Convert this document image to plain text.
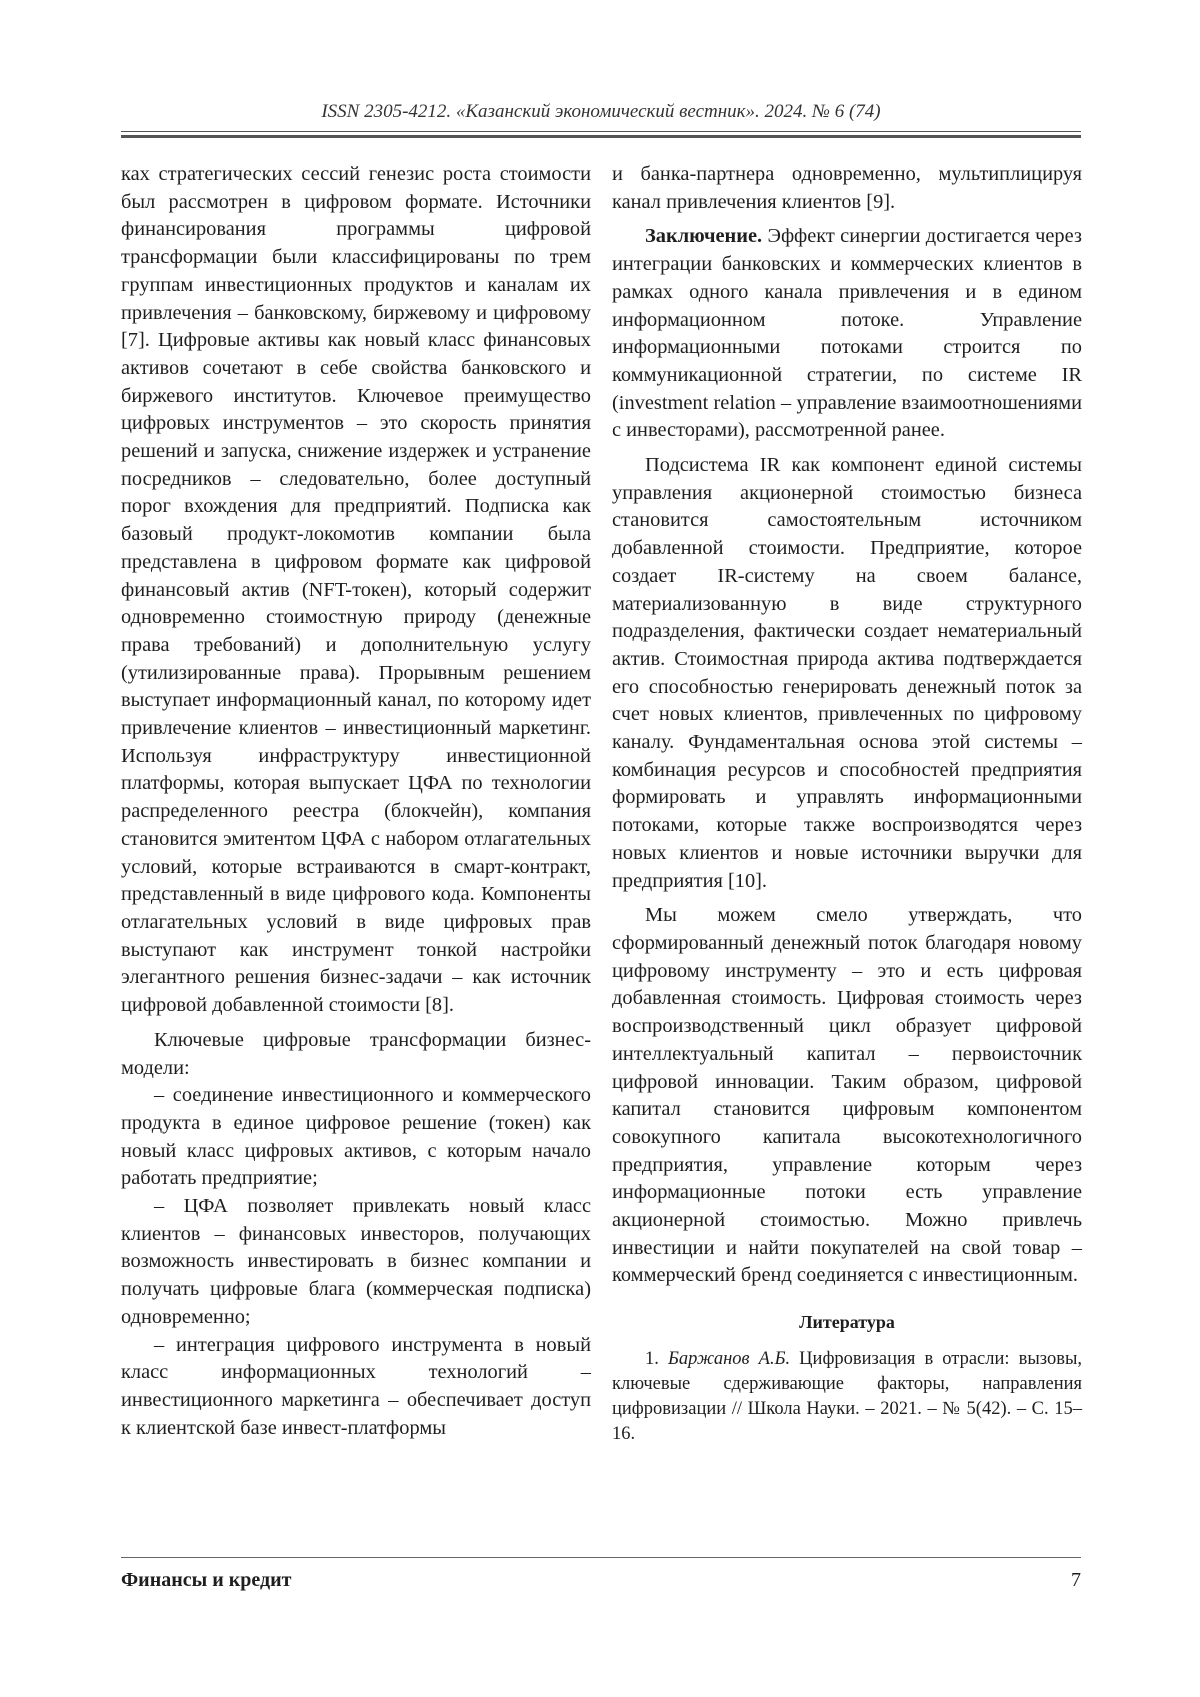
ISSN 2305-4212. «Казанский экономический вестник». 2024. № 6 (74)

ках стратегических сессий генезис роста стоимости был рассмотрен в цифровом формате. Источники финансирования программы цифровой трансформации были классифицированы по трем группам инвестиционных продуктов и каналам их привлечения – банковскому, биржевому и цифровому [7]. Цифровые активы как новый класс финансовых активов сочетают в себе свойства банковского и биржевого институтов. Ключевое преимущество цифровых инструментов – это скорость принятия решений и запуска, снижение издержек и устранение посредников – следовательно, более доступный порог вхождения для предприятий. Подписка как базовый продукт-локомотив компании была представлена в цифровом формате как цифровой финансовый актив (NFT-токен), который содержит одновременно стоимостную природу (денежные права требований) и дополнительную услугу (утилизированные права). Прорывным решением выступает информационный канал, по которому идет привлечение клиентов – инвестиционный маркетинг. Используя инфраструктуру инвестиционной платформы, которая выпускает ЦФА по технологии распределенного реестра (блокчейн), компания становится эмитентом ЦФА с набором отлагательных условий, которые встраиваются в смарт-контракт, представленный в виде цифрового кода. Компоненты отлагательных условий в виде цифровых прав выступают как инструмент тонкой настройки элегантного решения бизнес-задачи – как источник цифровой добавленной стоимости [8].

Ключевые цифровые трансформации бизнес-модели:

– соединение инвестиционного и коммерческого продукта в единое цифровое решение (токен) как новый класс цифровых активов, с которым начало работать предприятие;

– ЦФА позволяет привлекать новый класс клиентов – финансовых инвесторов, получающих возможность инвестировать в бизнес компании и получать цифровые блага (коммерческая подписка) одновременно;

– интеграция цифрового инструмента в новый класс информационных технологий – инвестиционного маркетинга – обеспечивает доступ к клиентской базе инвест-платформы

и банка-партнера одновременно, мультиплицируя канал привлечения клиентов [9].

Заключение. Эффект синергии достигается через интеграции банковских и коммерческих клиентов в рамках одного канала привлечения и в едином информационном потоке. Управление информационными потоками строится по коммуникационной стратегии, по системе IR (investment relation – управление взаимоотношениями с инвесторами), рассмотренной ранее.

Подсистема IR как компонент единой системы управления акционерной стоимостью бизнеса становится самостоятельным источником добавленной стоимости. Предприятие, которое создает IR-систему на своем балансе, материализованную в виде структурного подразделения, фактически создает нематериальный актив. Стоимостная природа актива подтверждается его способностью генерировать денежный поток за счет новых клиентов, привлеченных по цифровому каналу. Фундаментальная основа этой системы – комбинация ресурсов и способностей предприятия формировать и управлять информационными потоками, которые также воспроизводятся через новых клиентов и новые источники выручки для предприятия [10].

Мы можем смело утверждать, что сформированный денежный поток благодаря новому цифровому инструменту – это и есть цифровая добавленная стоимость. Цифровая стоимость через воспроизводственный цикл образует цифровой интеллектуальный капитал – первоисточник цифровой инновации. Таким образом, цифровой капитал становится цифровым компонентом совокупного капитала высокотехнологичного предприятия, управление которым через информационные потоки есть управление акционерной стоимостью. Можно привлечь инвестиции и найти покупателей на свой товар – коммерческий бренд соединяется с инвестиционным.

Литература

1. Баржанов А.Б. Цифровизация в отрасли: вызовы, ключевые сдерживающие факторы, направления цифровизации // Школа Науки. – 2021. – № 5(42). – С. 15–16.

Финансы и кредит	7
